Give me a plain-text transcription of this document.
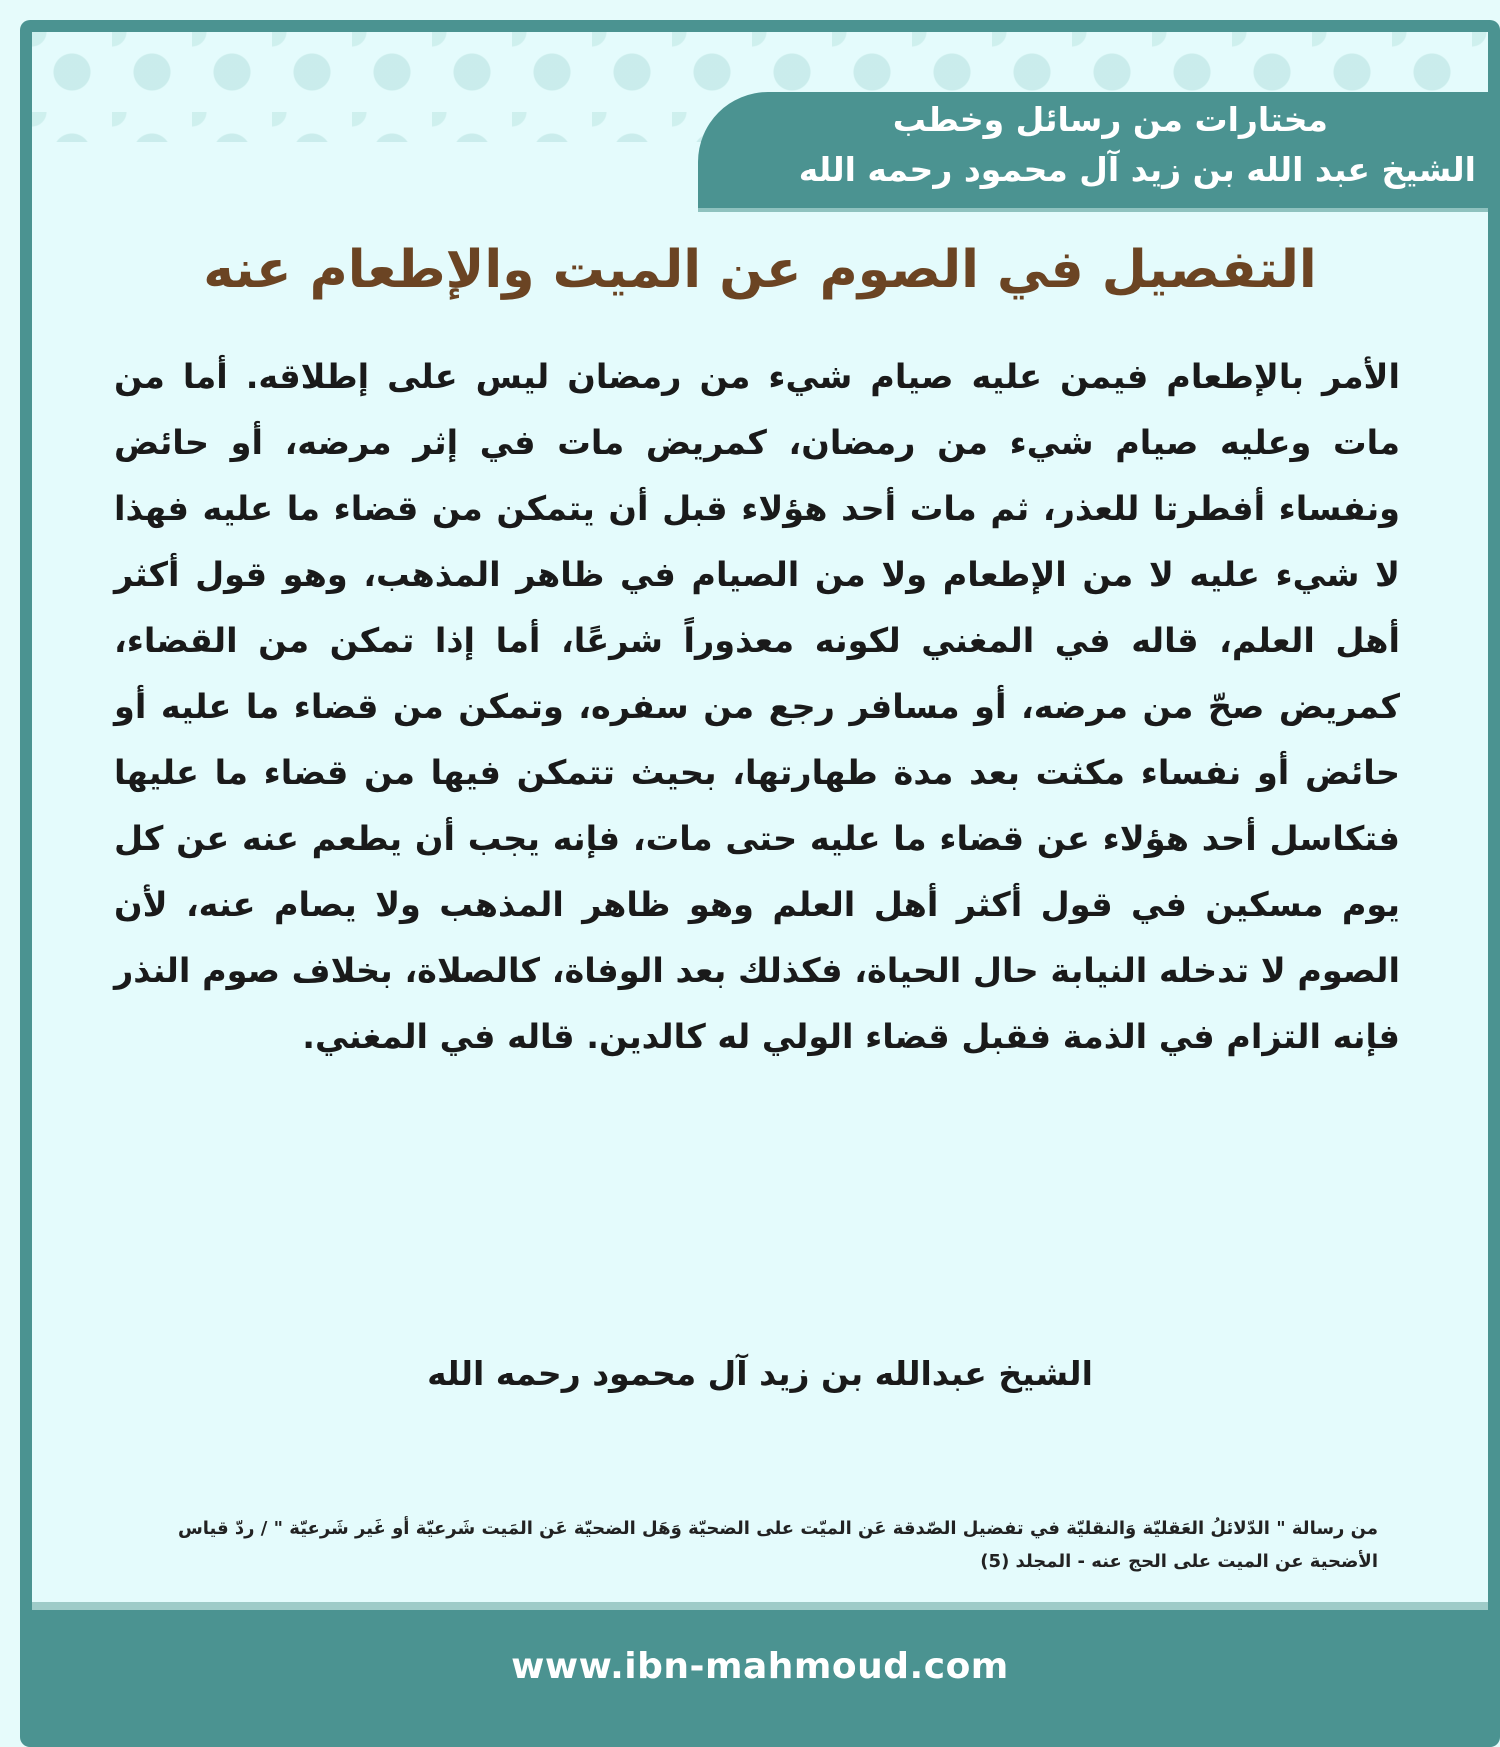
مختارات من رسائل وخطب
الشيخ عبد الله بن زيد آل محمود رحمه الله
التفصيل في الصوم عن الميت والإطعام عنه
الأمر بالإطعام فيمن عليه صيام شيء من رمضان ليس على إطلاقه. أما من مات وعليه صيام شيء من رمضان، كمريض مات في إثر مرضه، أو حائض ونفساء أفطرتا للعذر، ثم مات أحد هؤلاء قبل أن يتمكن من قضاء ما عليه فهذا لا شيء عليه لا من الإطعام ولا من الصيام في ظاهر المذهب، وهو قول أكثر أهل العلم، قاله في المغني لكونه معذوراً شرعًا، أما إذا تمكن من القضاء، كمريض صحّ من مرضه، أو مسافر رجع من سفره، وتمكن من قضاء ما عليه أو حائض أو نفساء مكثت بعد مدة طهارتها، بحيث تتمكن فيها من قضاء ما عليها فتكاسل أحد هؤلاء عن قضاء ما عليه حتى مات، فإنه يجب أن يطعم عنه عن كل يوم مسكين في قول أكثر أهل العلم وهو ظاهر المذهب ولا يصام عنه، لأن الصوم لا تدخله النيابة حال الحياة، فكذلك بعد الوفاة، كالصلاة، بخلاف صوم النذر فإنه التزام في الذمة فقبل قضاء الولي له كالدين. قاله في المغني.
الشيخ عبدالله بن زيد آل محمود رحمه الله
من رسالة " الدّلائلُ العَقليّة وَالنقليّة في تفضيل الصّدقة عَن الميّت على الضحيّة وَهَل الضحيّة عَن المَيت شَرعيّة أو غَير شَرعيّة " / ردّ قياس الأضحية عن الميت على الحج عنه - المجلد (5)
www.ibn-mahmoud.com
